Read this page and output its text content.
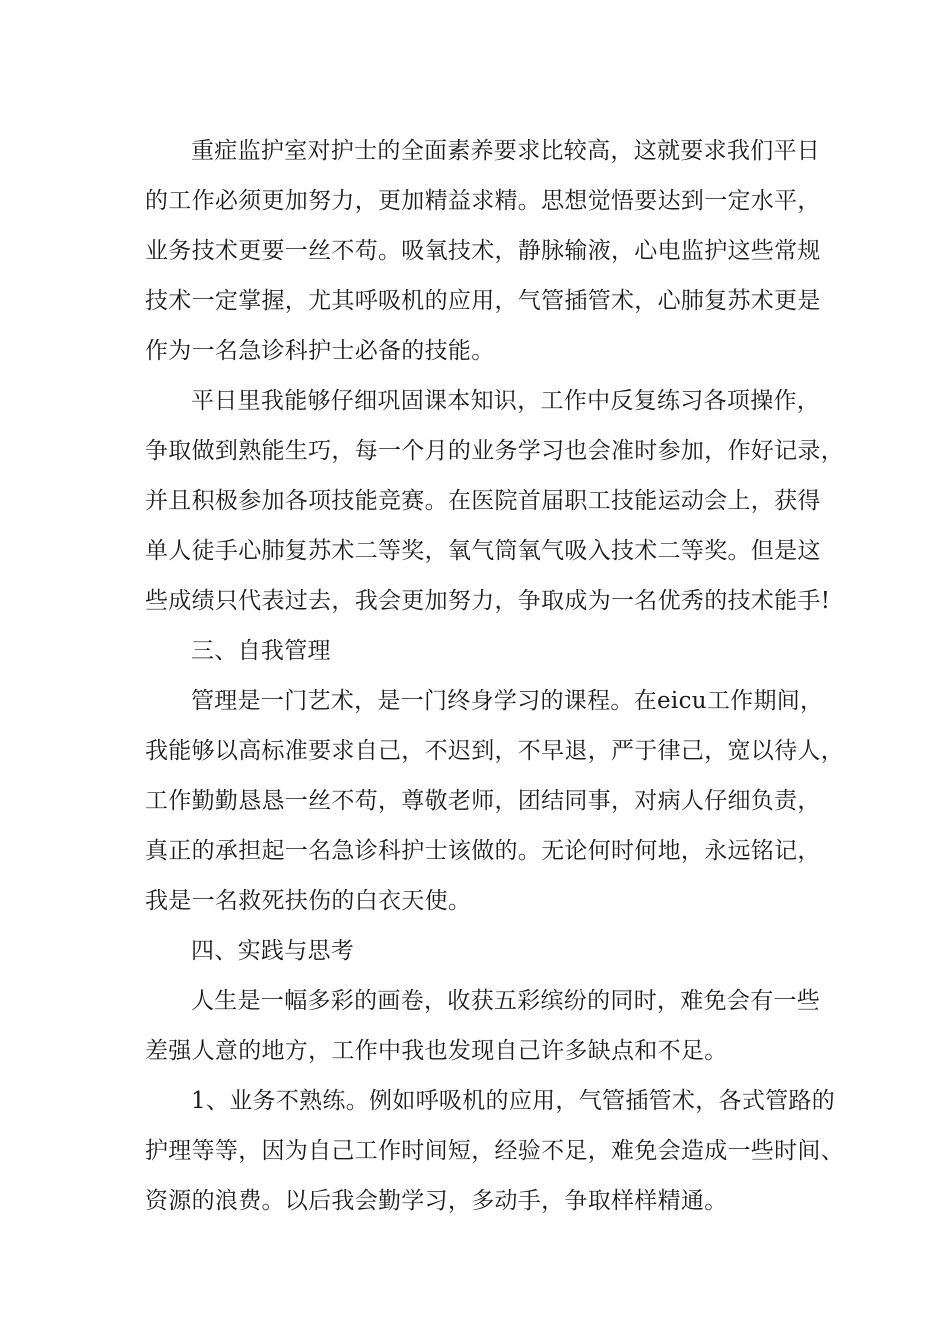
重症监护室对护士的全面素养要求比较高，这就要求我们平日

的工作必须更加努力，更加精益求精。思想觉悟要达到一定水平，

业务技术更要一丝不苟。吸氧技术，静脉输液，心电监护这些常规

技术一定掌握，尤其呼吸机的应用，气管插管术，心肺复苏术更是

作为一名急诊科护士必备的技能。

平日里我能够仔细巩固课本知识，工作中反复练习各项操作，

争取做到熟能生巧，每一个月的业务学习也会准时参加，作好记录，

并且积极参加各项技能竞赛。在医院首届职工技能运动会上，获得

单人徒手心肺复苏术二等奖，氧气筒氧气吸入技术二等奖。但是这

些成绩只代表过去，我会更加努力，争取成为一名优秀的技术能手!

三、自我管理

管理是一门艺术，是一门终身学习的课程。在eicu工作期间，

我能够以高标准要求自己，不迟到，不早退，严于律己，宽以待人，

工作勤勤恳恳一丝不苟，尊敬老师，团结同事，对病人仔细负责，

真正的承担起一名急诊科护士该做的。无论何时何地，永远铭记，

我是一名救死扶伤的白衣天使。

四、实践与思考

人生是一幅多彩的画卷，收获五彩缤纷的同时，难免会有一些

差强人意的地方，工作中我也发现自己许多缺点和不足。

1、业务不熟练。例如呼吸机的应用，气管插管术，各式管路的

护理等等，因为自己工作时间短，经验不足，难免会造成一些时间、

资源的浪费。以后我会勤学习，多动手，争取样样精通。
